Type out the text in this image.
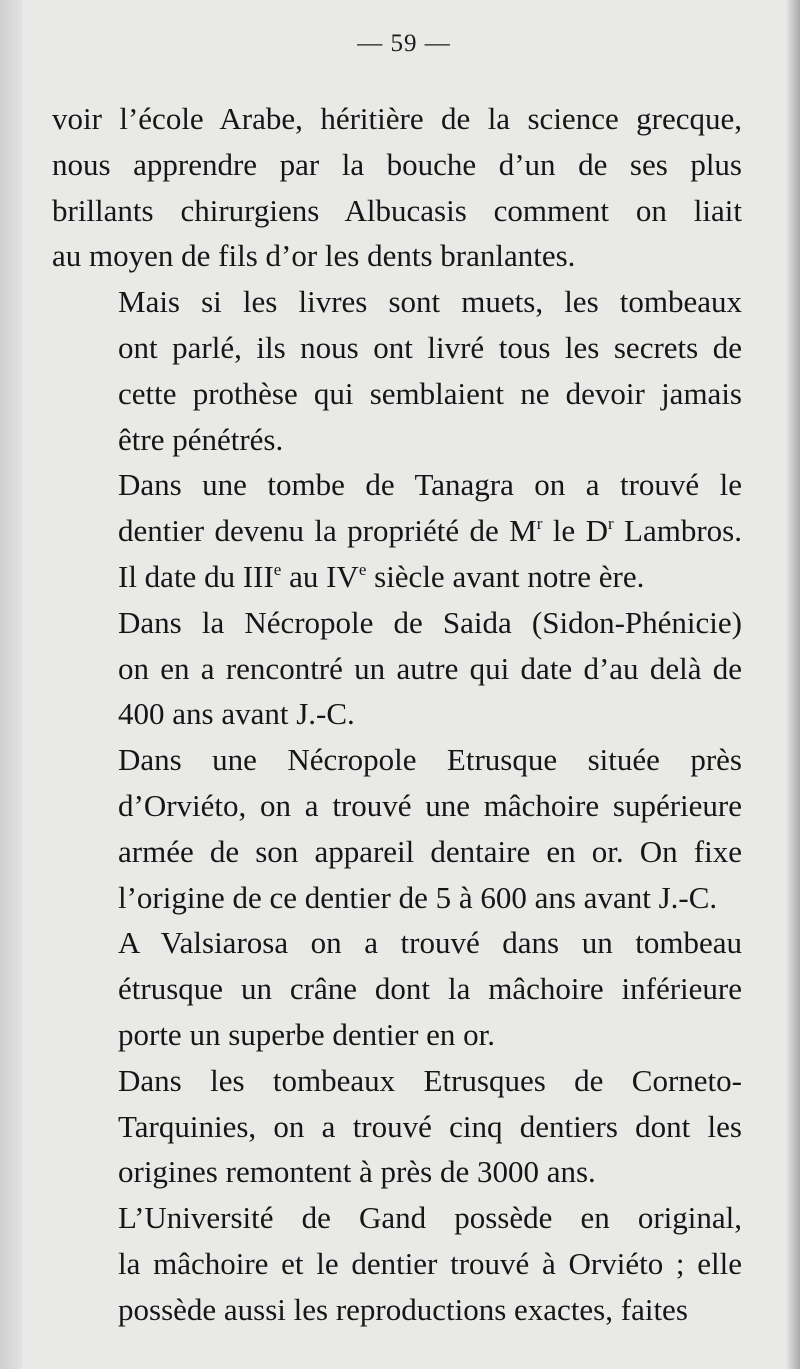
— 59 —
voir l’école Arabe, héritière de la science grecque,
nous apprendre par la bouche d’un de ses plus
brillants chirurgiens Albucasis comment on liait
au moyen de fils d’or les dents branlantes.
Mais si les livres sont muets, les tombeaux
ont parlé, ils nous ont livré tous les secrets de
cette prothèse qui semblaient ne devoir jamais
être pénétrés.
Dans une tombe de Tanagra on a trouvé le
dentier devenu la propriété de $M^r$ le $D^r$ Lambros.
Il date du IIIe au IVe siècle avant notre ère.
Dans la Nécropole de Saida (Sidon-Phénicie)
on en a rencontré un autre qui date d’au delà de
400 ans avant J.-C.
Dans une Nécropole Etrusque située près
d’Orviéto, on a trouvé une mâchoire supérieure
armée de son appareil dentaire en or. On fixe
l’origine de ce dentier de 5 à 600 ans avant J.-C.
A Valsiarosa on a trouvé dans un tombeau
étrusque un crâne dont la mâchoire inférieure
porte un superbe dentier en or.
Dans les tombeaux Etrusques de Corneto-
Tarquinies, on a trouvé cinq dentiers dont les
origines remontent à près de 3000 ans.
L’Université de Gand possède en original,
la mâchoire et le dentier trouvé à Orviéto ; elle
possède aussi les reproductions exactes, faites
